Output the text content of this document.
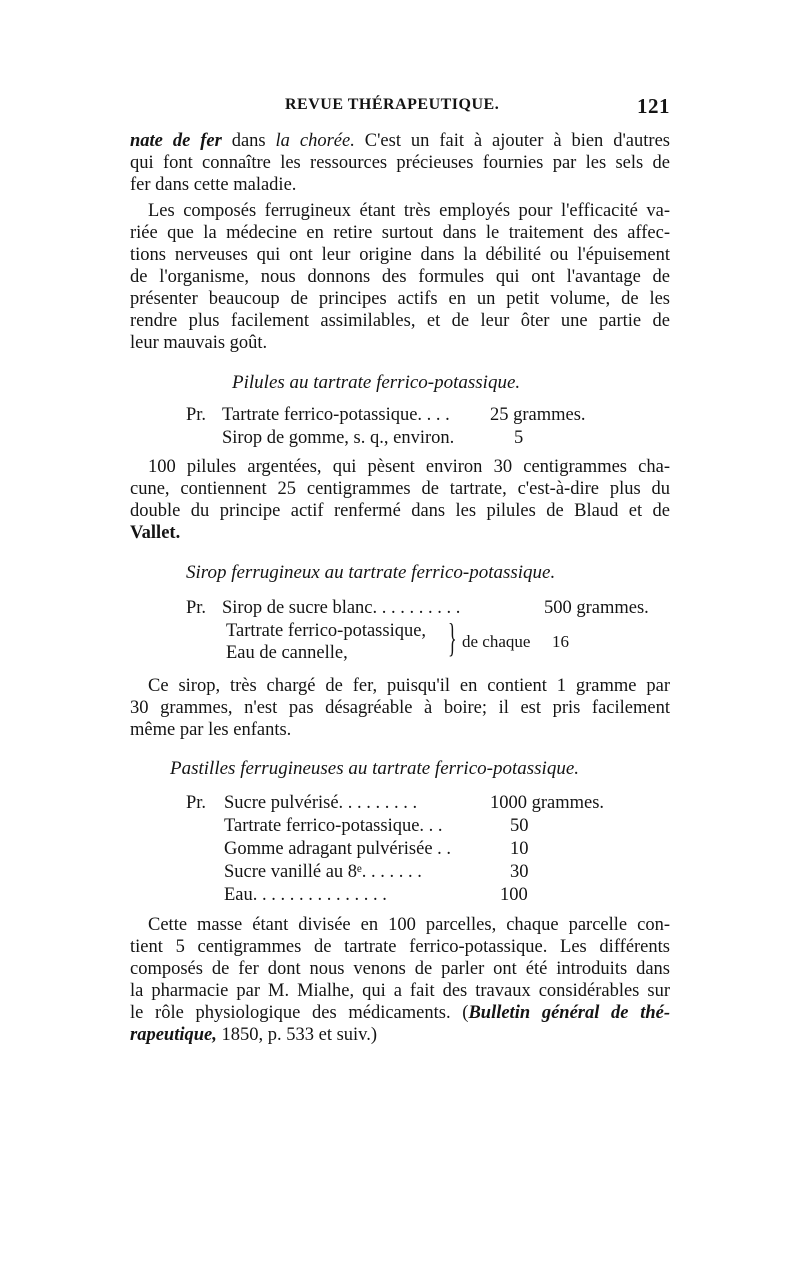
REVUE THÉRAPEUTIQUE.	121
nate de fer dans la chorée. C'est un fait à ajouter à bien d'autres
qui font connaître les ressources précieuses fournies par les sels de
fer dans cette maladie.
Les composés ferrugineux étant très employés pour l'efficacité va-
riée que la médecine en retire surtout dans le traitement des affec-
tions nerveuses qui ont leur origine dans la débilité ou l'épuisement
de l'organisme, nous donnons des formules qui ont l'avantage de
présenter beaucoup de principes actifs en un petit volume, de les
rendre plus facilement assimilables, et de leur ôter une partie de
leur mauvais goût.
Pilules au tartrate ferrico-potassique.
Pr. Tartrate ferrico-potassique. . . . 25 grammes.
Sirop de gomme, s. q., environ.	5
100 pilules argentées, qui pèsent environ 30 centigrammes cha-
cune, contiennent 25 centigrammes de tartrate, c'est-à-dire plus du
double du principe actif renfermé dans les pilules de Blaud et de
Vallet.
Sirop ferrugineux au tartrate ferrico-potassique.
Pr. Sirop de sucre blanc. . . . . . . . . .	500 grammes.
Tartrate ferrico-potassique,
Eau de cannelle,	} de chaque 16
Ce sirop, très chargé de fer, puisqu'il en contient 1 gramme par
30 grammes, n'est pas désagréable à boire; il est pris facilement
même par les enfants.
Pastilles ferrugineuses au tartrate ferrico-potassique.
Pr. Sucre pulvérisé. . . . . . . . .	1000 grammes.
Tartrate ferrico-potassique. . .	50
Gomme adragant pulvérisée . .	10
Sucre vanillé au 8ᵉ. . . . . . .	30
Eau. . . . . . . . . . . . . . .	100
Cette masse étant divisée en 100 parcelles, chaque parcelle con-
tient 5 centigrammes de tartrate ferrico-potassique. Les différents
composés de fer dont nous venons de parler ont été introduits dans
la pharmacie par M. Mialhe, qui a fait des travaux considérables sur
le rôle physiologique des médicaments. (Bulletin général de thé-
rapeutique, 1850, p. 533 et suiv.)
